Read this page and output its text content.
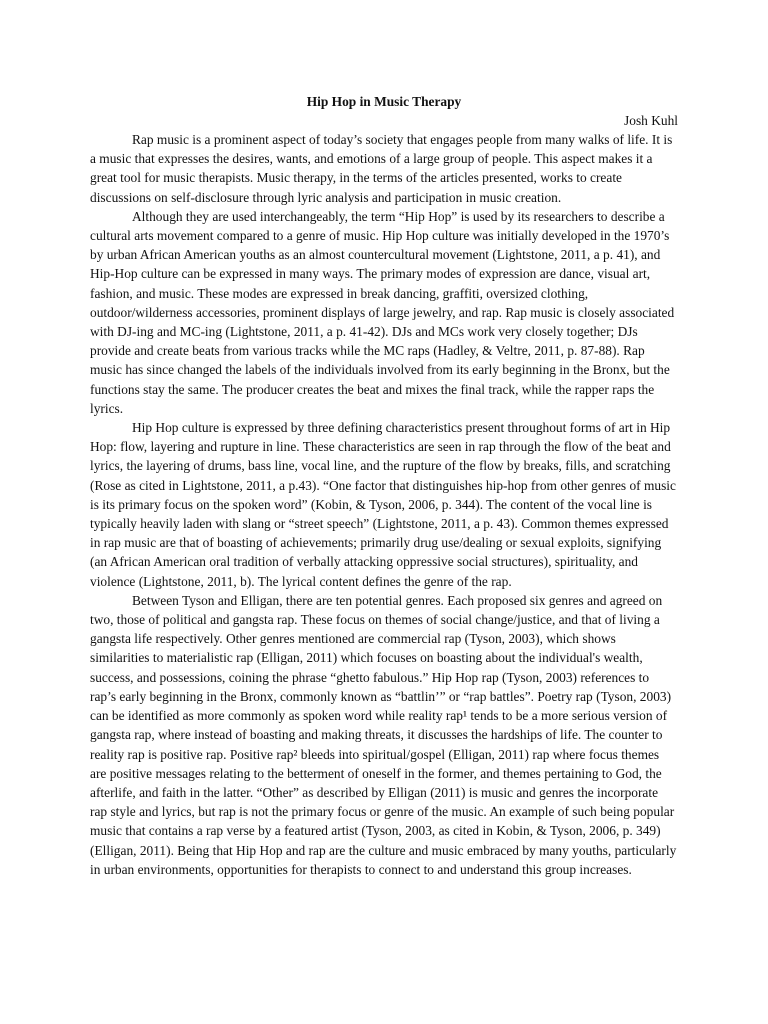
Hip Hop in Music Therapy

Josh Kuhl

Rap music is a prominent aspect of today’s society that engages people from many walks of life. It is a music that expresses the desires, wants, and emotions of a large group of people. This aspect makes it a great tool for music therapists. Music therapy, in the terms of the articles presented, works to create discussions on self-disclosure through lyric analysis and participation in music creation.

Although they are used interchangeably, the term “Hip Hop” is used by its researchers to describe a cultural arts movement compared to a genre of music. Hip Hop culture was initially developed in the 1970’s by urban African American youths as an almost countercultural movement (Lightstone, 2011, a p. 41), and Hip-Hop culture can be expressed in many ways. The primary modes of expression are dance, visual art, fashion, and music. These modes are expressed in break dancing, graffiti, oversized clothing, outdoor/wilderness accessories, prominent displays of large jewelry, and rap. Rap music is closely associated with DJ-ing and MC-ing (Lightstone, 2011, a p. 41-42). DJs and MCs work very closely together; DJs provide and create beats from various tracks while the MC raps (Hadley, & Veltre, 2011, p. 87-88). Rap music has since changed the labels of the individuals involved from its early beginning in the Bronx, but the functions stay the same. The producer creates the beat and mixes the final track, while the rapper raps the lyrics.

Hip Hop culture is expressed by three defining characteristics present throughout forms of art in Hip Hop: flow, layering and rupture in line. These characteristics are seen in rap through the flow of the beat and lyrics, the layering of drums, bass line, vocal line, and the rupture of the flow by breaks, fills, and scratching (Rose as cited in Lightstone, 2011, a p.43). “One factor that distinguishes hip-hop from other genres of music is its primary focus on the spoken word” (Kobin, & Tyson, 2006, p. 344). The content of the vocal line is typically heavily laden with slang or “street speech” (Lightstone, 2011, a p. 43). Common themes expressed in rap music are that of boasting of achievements; primarily drug use/dealing or sexual exploits, signifying (an African American oral tradition of verbally attacking oppressive social structures), spirituality, and violence (Lightstone, 2011, b). The lyrical content defines the genre of the rap.

Between Tyson and Elligan, there are ten potential genres. Each proposed six genres and agreed on two, those of political and gangsta rap. These focus on themes of social change/justice, and that of living a gangsta life respectively. Other genres mentioned are commercial rap (Tyson, 2003), which shows similarities to materialistic rap (Elligan, 2011) which focuses on boasting about the individual's wealth, success, and possessions, coining the phrase “ghetto fabulous.” Hip Hop rap (Tyson, 2003) references to rap’s early beginning in the Bronx, commonly known as “battlin’” or “rap battles”. Poetry rap (Tyson, 2003) can be identified as more commonly as spoken word while reality rap¹ tends to be a more serious version of gangsta rap, where instead of boasting and making threats, it discusses the hardships of life. The counter to reality rap is positive rap. Positive rap² bleeds into spiritual/gospel (Elligan, 2011) rap where focus themes are positive messages relating to the betterment of oneself in the former, and themes pertaining to God, the afterlife, and faith in the latter. “Other” as described by Elligan (2011) is music and genres the incorporate rap style and lyrics, but rap is not the primary focus or genre of the music. An example of such being popular music that contains a rap verse by a featured artist (Tyson, 2003, as cited in Kobin, & Tyson, 2006, p. 349) (Elligan, 2011). Being that Hip Hop and rap are the culture and music embraced by many youths, particularly in urban environments, opportunities for therapists to connect to and understand this group increases.
